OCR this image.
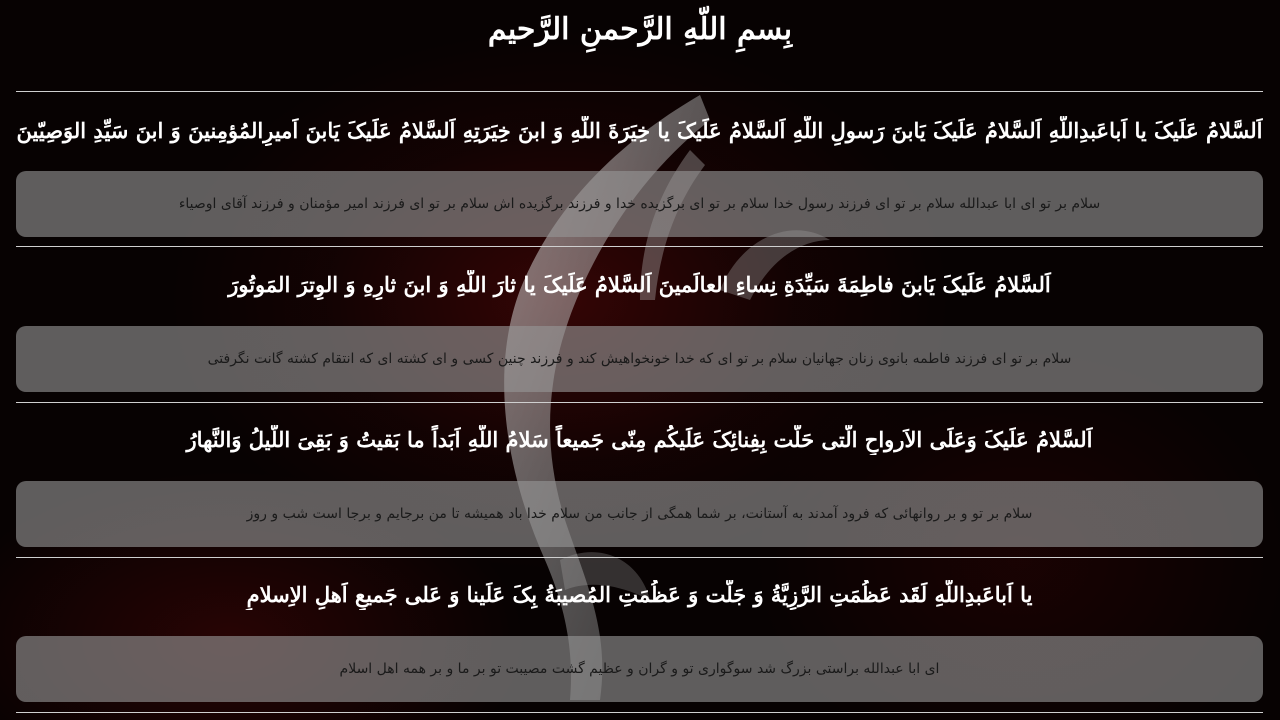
بِسمِ اللّهِ الرَّحمنِ الرَّحیم
اَلسَّلامُ عَلَیکَ یا اَباعَبدِاللّهِ اَلسَّلامُ عَلَیکَ یَابنَ رَسولِ اللّهِ اَلسَّلامُ عَلَیکَ یا خِیَرَةَ اللّهِ وَ ابنَ خِیَرَتِهِ اَلسَّلامُ عَلَیکَ یَابنَ اَمیرِالمُؤمِنینَ وَ ابنَ سَیِّدِ الوَصِیّینَ
سلام بر تو ای ابا عبدالله سلام بر تو ای فرزند رسول خدا سلام بر تو ای برگزیده خدا و فرزند برگزیده اش سلام بر تو ای فرزند امیر مؤمنان و فرزند آقای اوصیاء
اَلسَّلامُ عَلَیکَ یَابنَ فاطِمَةَ سَیِّدَةِ نِساءِ العالَمینَ اَلسَّلامُ عَلَیکَ یا ثارَ اللّهِ وَ ابنَ ثارِهِ وَ الوِترَ المَوتُورَ
سلام بر تو ای فرزند فاطمه بانوی زنان جهانیان سلام بر تو ای که خدا خونخواهیش کند و فرزند چنین کسی و ای کشته ای که انتقام کشته گانت نگرفتی
اَلسَّلامُ عَلَیکَ وَعَلَی الاَرواحِ الَّتی حَلَّت بِفِنائِکَ عَلَیکُم مِنّی جَمیعاً سَلامُ اللّهِ اَبَداً ما بَقیتُ وَ بَقِیَ اللَّیلُ وَالنَّهارُ
سلام بر تو و بر روانهائی که فرود آمدند به آستانت، بر شما همگی از جانب من سلام خدا باد همیشه تا من برجایم و برجا است شب و روز
یا اَباعَبدِاللّهِ لَقَد عَظُمَتِ الرَّزِیَّةُ وَ جَلَّت وَ عَظُمَتِ المُصیبَةُ بِکَ عَلَینا وَ عَلی جَمیعِ اَهلِ الاِسلامِ
ای ابا عبدالله براستی بزرگ شد سوگواری تو و گران و عظیم گشت مصیبت تو بر ما و بر همه اهل اسلام
